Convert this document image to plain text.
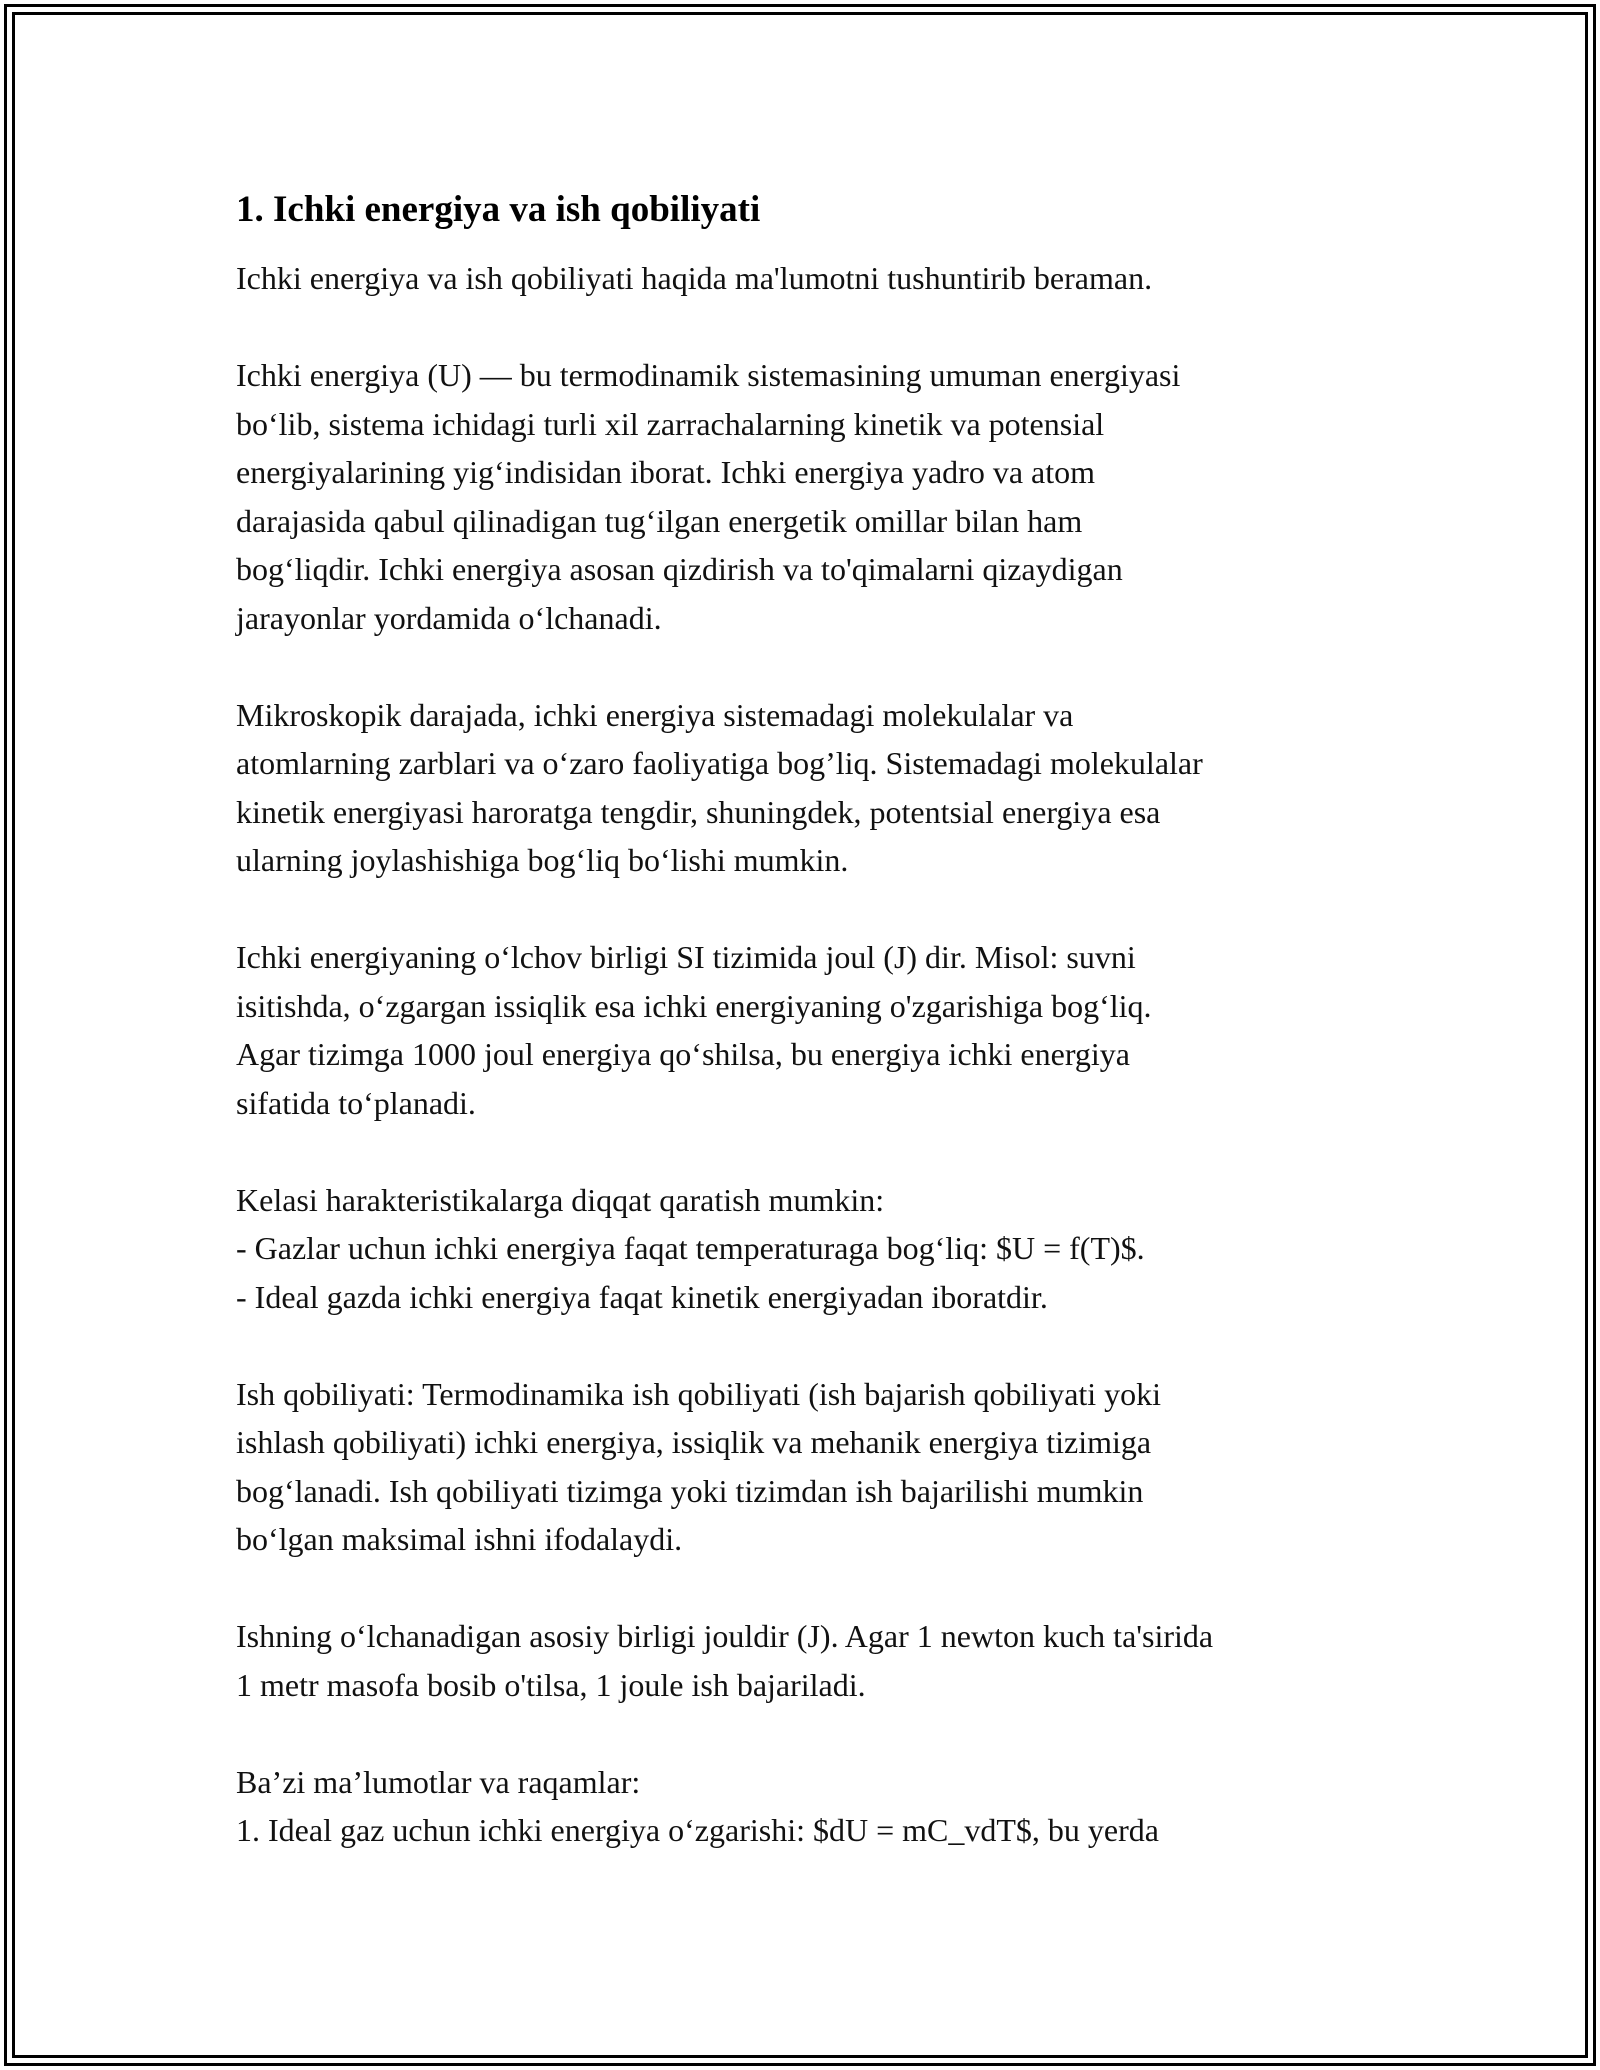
1. Ichki energiya va ish qobiliyati
Ichki energiya va ish qobiliyati haqida ma'lumotni tushuntirib beraman.
Ichki energiya (U) — bu termodinamik sistemasining umuman energiyasi
bo‘lib, sistema ichidagi turli xil zarrachalarning kinetik va potensial
energiyalarining yig‘indisidan iborat. Ichki energiya yadro va atom
darajasida qabul qilinadigan tug‘ilgan energetik omillar bilan ham
bog‘liqdir. Ichki energiya asosan qizdirish va to'qimalarni qizaydigan
jarayonlar yordamida o‘lchanadi.
Mikroskopik darajada, ichki energiya sistemadagi molekulalar va
atomlarning zarblari va o‘zaro faoliyatiga bog’liq. Sistemadagi molekulalar
kinetik energiyasi haroratga tengdir, shuningdek, potentsial energiya esa
ularning joylashishiga bog‘liq bo‘lishi mumkin.
Ichki energiyaning o‘lchov birligi SI tizimida joul (J) dir. Misol: suvni
isitishda, o‘zgargan issiqlik esa ichki energiyaning o'zgarishiga bog‘liq.
Agar tizimga 1000 joul energiya qo‘shilsa, bu energiya ichki energiya
sifatida to‘planadi.
Kelasi harakteristikalarga diqqat qaratish mumkin:
- Gazlar uchun ichki energiya faqat temperaturaga bog‘liq: $U = f(T)$.
- Ideal gazda ichki energiya faqat kinetik energiyadan iboratdir.
Ish qobiliyati: Termodinamika ish qobiliyati (ish bajarish qobiliyati yoki
ishlash qobiliyati) ichki energiya, issiqlik va mehanik energiya tizimiga
bog‘lanadi. Ish qobiliyati tizimga yoki tizimdan ish bajarilishi mumkin
bo‘lgan maksimal ishni ifodalaydi.
Ishning o‘lchanadigan asosiy birligi jouldir (J). Agar 1 newton kuch ta'sirida
1 metr masofa bosib o'tilsa, 1 joule ish bajariladi.
Ba’zi ma’lumotlar va raqamlar:
1. Ideal gaz uchun ichki energiya o‘zgarishi: $dU = mC_vdT$, bu yerda
